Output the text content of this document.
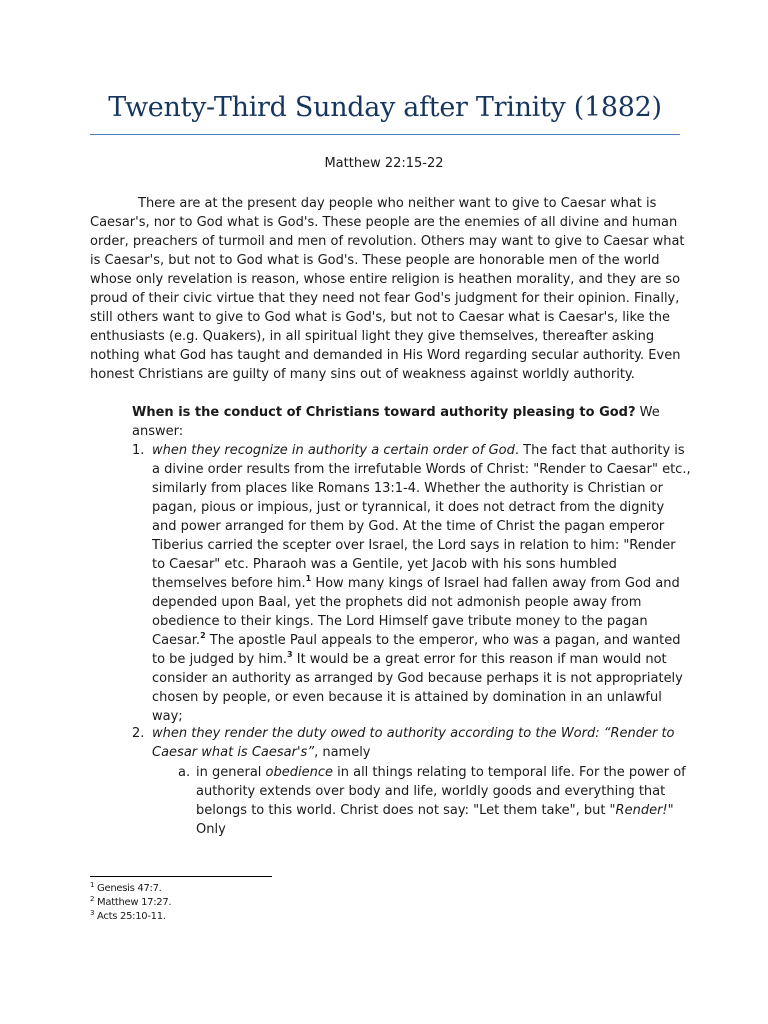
Twenty-Third Sunday after Trinity (1882)
Matthew 22:15-22

There are at the present day people who neither want to give to Caesar what is Caesar's, nor to God what is God's. These people are the enemies of all divine and human order, preachers of turmoil and men of revolution. Others may want to give to Caesar what is Caesar's, but not to God what is God's. These people are honorable men of the world whose only revelation is reason, whose entire religion is heathen morality, and they are so proud of their civic virtue that they need not fear God's judgment for their opinion. Finally, still others want to give to God what is God's, but not to Caesar what is Caesar's, like the enthusiasts (e.g. Quakers), in all spiritual light they give themselves, thereafter asking nothing what God has taught and demanded in His Word regarding secular authority. Even honest Christians are guilty of many sins out of weakness against worldly authority.

When is the conduct of Christians toward authority pleasing to God? We answer:

1. when they recognize in authority a certain order of God. The fact that authority is a divine order results from the irrefutable Words of Christ: "Render to Caesar" etc., similarly from places like Romans 13:1-4. Whether the authority is Christian or pagan, pious or impious, just or tyrannical, it does not detract from the dignity and power arranged for them by God. At the time of Christ the pagan emperor Tiberius carried the scepter over Israel, the Lord says in relation to him: "Render to Caesar" etc. Pharaoh was a Gentile, yet Jacob with his sons humbled themselves before him.$^1$ How many kings of Israel had fallen away from God and depended upon Baal, yet the prophets did not admonish people away from obedience to their kings. The Lord Himself gave tribute money to the pagan Caesar.$^2$ The apostle Paul appeals to the emperor, who was a pagan, and wanted to be judged by him.$^3$ It would be a great error for this reason if man would not consider an authority as arranged by God because perhaps it is not appropriately chosen by people, or even because it is attained by domination in an unlawful way;

2. when they render the duty owed to authority according to the Word: “Render to Caesar what is Caesar's”, namely

a. in general obedience in all things relating to temporal life. For the power of authority extends over body and life, worldly goods and everything that belongs to this world. Christ does not say: "Let them take", but "Render!" Only

$^1$ Genesis 47:7.

$^2$ Matthew 17:27.

$^3$ Acts 25:10-11.
